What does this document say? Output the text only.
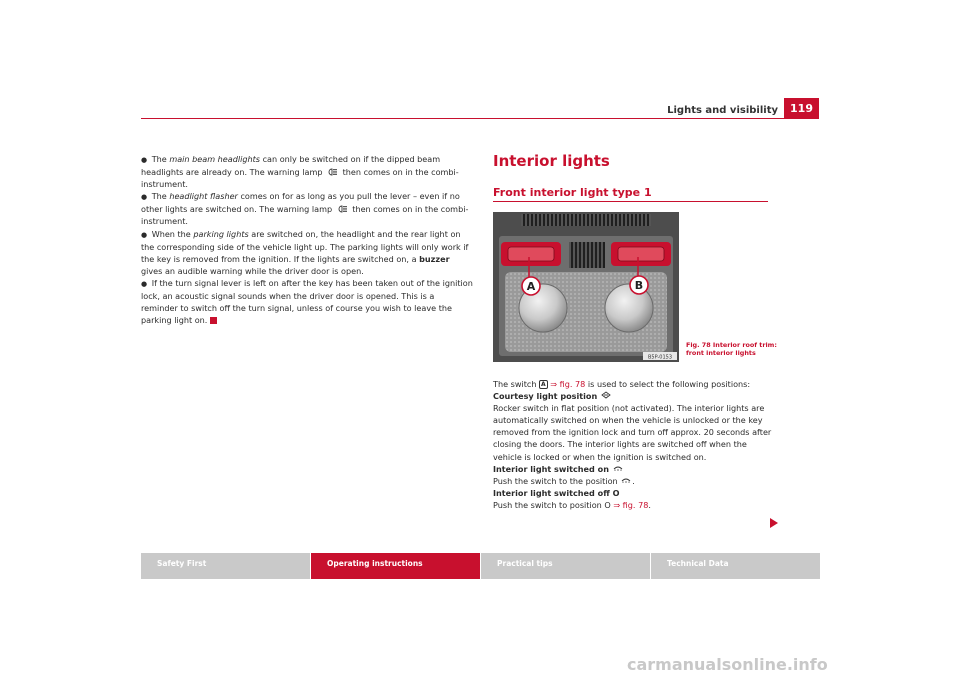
Lights and visibility	119

● The main beam headlights can only be switched on if the dipped beam headlights are already on. The warning lamp  then comes on in the combi-instrument.

● The headlight flasher comes on for as long as you pull the lever – even if no other lights are switched on. The warning lamp  then comes on in the combi-instrument.

● When the parking lights are switched on, the headlight and the rear light on the corresponding side of the vehicle light up. The parking lights will only work if the key is removed from the ignition. If the lights are switched on, a buzzer gives an audible warning while the driver door is open.

● If the turn signal lever is left on after the key has been taken out of the ignition lock, an acoustic signal sounds when the driver door is opened. This is a reminder to switch off the turn signal, unless of course you wish to leave the parking light on.

Interior lights
Front interior light type 1
A	B
B5P-0153
Fig. 78 Interior roof trim: front interior lights

The switch A ⇒ fig. 78 is used to select the following positions:

Courtesy light position

Rocker switch in flat position (not activated). The interior lights are automatically switched on when the vehicle is unlocked or the key removed from the ignition lock and turn off approx. 20 seconds after closing the doors. The interior lights are switched off when the vehicle is locked or when the ignition is switched on.

Interior light switched on

Push the switch to the position .

Interior light switched off O

Push the switch to position O ⇒ fig. 78.

Safety First	Operating instructions	Practical tips	Technical Data
carmanualsonline.info
